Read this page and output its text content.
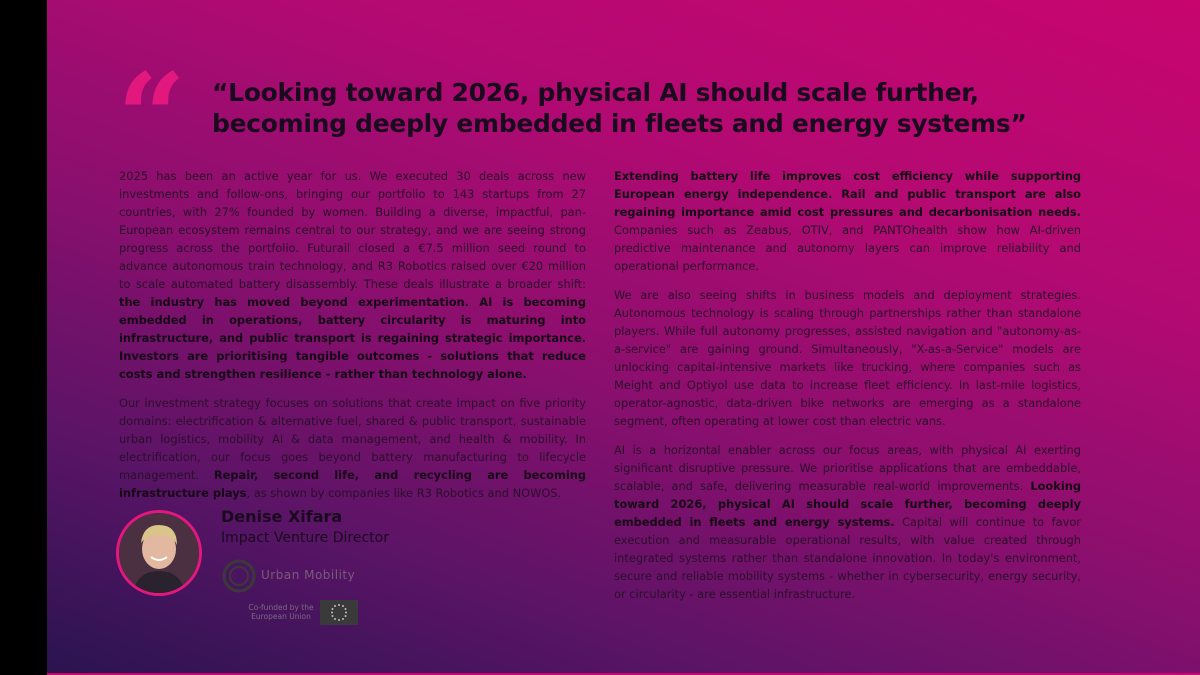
“ “Looking toward 2026, physical AI should scale further, becoming deeply embedded in fleets and energy systems”

2025 has been an active year for us. We executed 30 deals across new investments and follow-ons, bringing our portfolio to 143 startups from 27 countries, with 27% founded by women. Building a diverse, impactful, pan-European ecosystem remains central to our strategy, and we are seeing strong progress across the portfolio. Futurail closed a €7.5 million seed round to advance autonomous train technology, and R3 Robotics raised over €20 million to scale automated battery disassembly. These deals illustrate a broader shift: the industry has moved beyond experimentation. AI is becoming embedded in operations, battery circularity is maturing into infrastructure, and public transport is regaining strategic importance. Investors are prioritising tangible outcomes - solutions that reduce costs and strengthen resilience - rather than technology alone.

Our investment strategy focuses on solutions that create impact on five priority domains: electrification & alternative fuel, shared & public transport, sustainable urban logistics, mobility AI & data management, and health & mobility. In electrification, our focus goes beyond battery manufacturing to lifecycle management. Repair, second life, and recycling are becoming infrastructure plays, as shown by companies like R3 Robotics and NOWOS.

Extending battery life improves cost efficiency while supporting European energy independence. Rail and public transport are also regaining importance amid cost pressures and decarbonisation needs. Companies such as Zeabus, OTIV, and PANTOhealth show how AI-driven predictive maintenance and autonomy layers can improve reliability and operational performance.

We are also seeing shifts in business models and deployment strategies. Autonomous technology is scaling through partnerships rather than standalone players. While full autonomy progresses, assisted navigation and "autonomy-as-a-service" are gaining ground. Simultaneously, "X-as-a-Service" models are unlocking capital-intensive markets like trucking, where companies such as Meight and Optiyol use data to increase fleet efficiency. In last-mile logistics, operator-agnostic, data-driven bike networks are emerging as a standalone segment, often operating at lower cost than electric vans.

AI is a horizontal enabler across our focus areas, with physical AI exerting significant disruptive pressure. We prioritise applications that are embeddable, scalable, and safe, delivering measurable real-world improvements. Looking toward 2026, physical AI should scale further, becoming deeply embedded in fleets and energy systems. Capital will continue to favor execution and measurable operational results, with value created through integrated systems rather than standalone innovation. In today's environment, secure and reliable mobility systems - whether in cybersecurity, energy security, or circularity - are essential infrastructure.

Denise Xifara
Impact Venture Director
Urban Mobility
Co-funded by the European Union
